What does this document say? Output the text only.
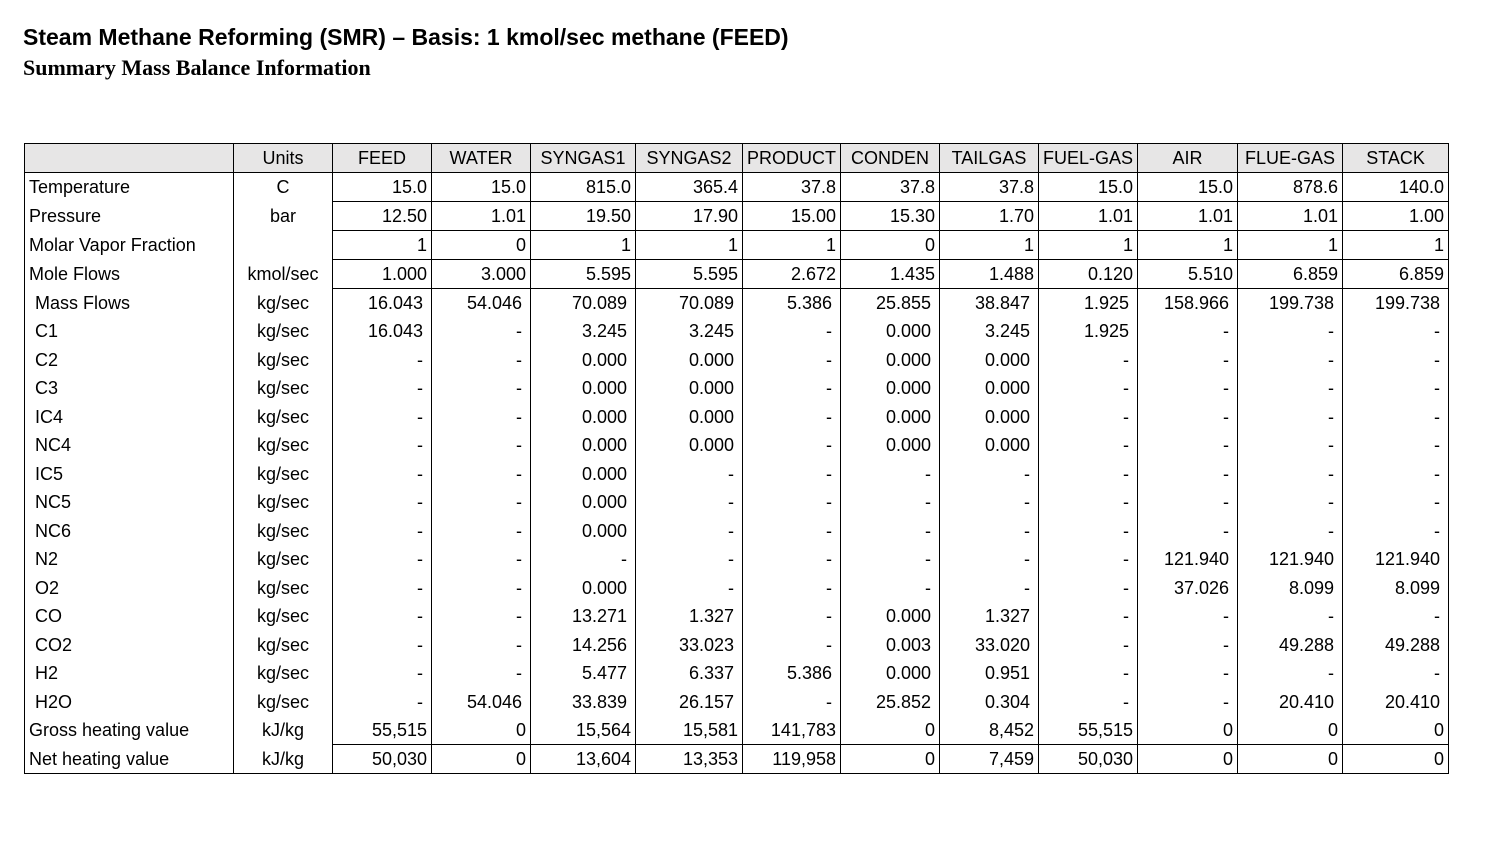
Steam Methane Reforming (SMR) – Basis: 1 kmol/sec methane (FEED)
Summary Mass Balance Information
	Units	FEED	WATER	SYNGAS1	SYNGAS2	PRODUCT	CONDEN	TAILGAS	FUEL-GAS	AIR	FLUE-GAS	STACK
Temperature	C	15.0	15.0	815.0	365.4	37.8	37.8	37.8	15.0	15.0	878.6	140.0
Pressure	bar	12.50	1.01	19.50	17.90	15.00	15.30	1.70	1.01	1.01	1.01	1.00
Molar Vapor Fraction		1	0	1	1	1	0	1	1	1	1	1
Mole Flows	kmol/sec	1.000	3.000	5.595	5.595	2.672	1.435	1.488	0.120	5.510	6.859	6.859
Mass Flows	kg/sec	16.043	54.046	70.089	70.089	5.386	25.855	38.847	1.925	158.966	199.738	199.738
C1	kg/sec	16.043	-	3.245	3.245	-	0.000	3.245	1.925	-	-	-
C2	kg/sec	-	-	0.000	0.000	-	0.000	0.000	-	-	-	-
C3	kg/sec	-	-	0.000	0.000	-	0.000	0.000	-	-	-	-
IC4	kg/sec	-	-	0.000	0.000	-	0.000	0.000	-	-	-	-
NC4	kg/sec	-	-	0.000	0.000	-	0.000	0.000	-	-	-	-
IC5	kg/sec	-	-	0.000	-	-	-	-	-	-	-	-
NC5	kg/sec	-	-	0.000	-	-	-	-	-	-	-	-
NC6	kg/sec	-	-	0.000	-	-	-	-	-	-	-	-
N2	kg/sec	-	-	-	-	-	-	-	-	121.940	121.940	121.940
O2	kg/sec	-	-	0.000	-	-	-	-	-	37.026	8.099	8.099
CO	kg/sec	-	-	13.271	1.327	-	0.000	1.327	-	-	-	-
CO2	kg/sec	-	-	14.256	33.023	-	0.003	33.020	-	-	49.288	49.288
H2	kg/sec	-	-	5.477	6.337	5.386	0.000	0.951	-	-	-	-
H2O	kg/sec	-	54.046	33.839	26.157	-	25.852	0.304	-	-	20.410	20.410
Gross heating value	kJ/kg	55,515	0	15,564	15,581	141,783	0	8,452	55,515	0	0	0
Net heating value	kJ/kg	50,030	0	13,604	13,353	119,958	0	7,459	50,030	0	0	0
